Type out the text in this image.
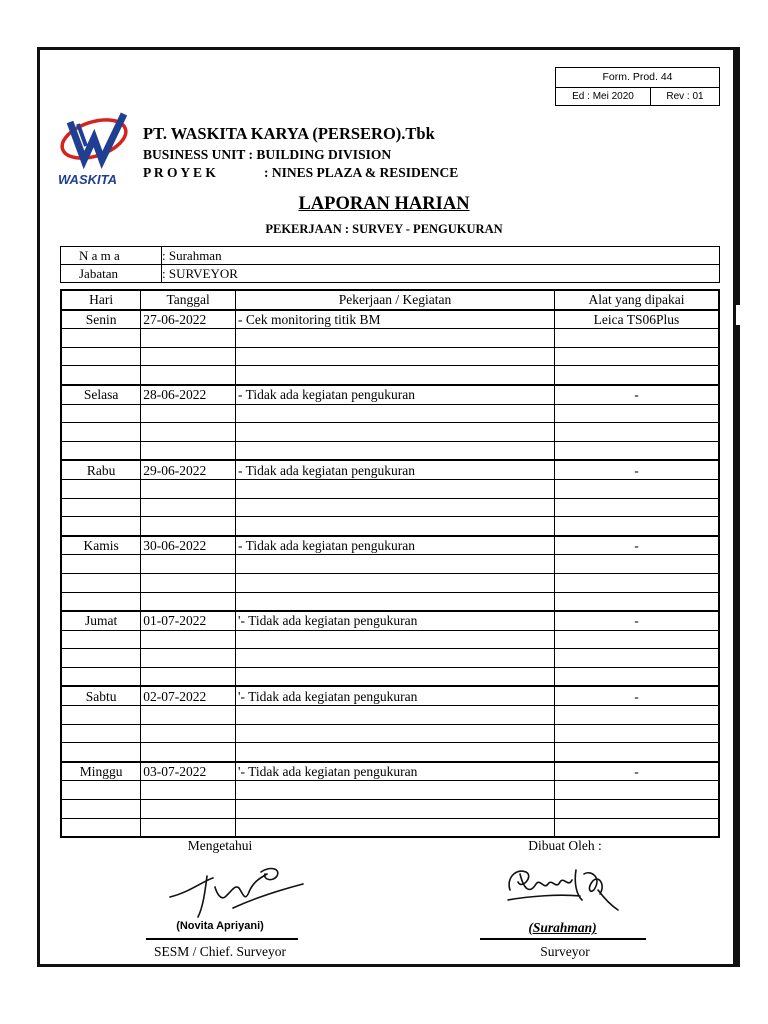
Form. Prod. 44
Ed : Mei 2020	Rev : 01
WASKITA
PT. WASKITA KARYA (PERSERO).Tbk
BUSINESS UNIT : BUILDING DIVISION
P R O Y E K	: NINES PLAZA & RESIDENCE
LAPORAN HARIAN
PEKERJAAN : SURVEY - PENGUKURAN
N a m a	: Surahman
Jabatan	: SURVEYOR
Hari	Tanggal	Pekerjaan / Kegiatan	Alat yang dipakai
Senin	27-06-2022	- Cek monitoring titik BM	Leica TS06Plus

Selasa	28-06-2022	- Tidak ada kegiatan pengukuran	-

Rabu	29-06-2022	- Tidak ada kegiatan pengukuran	-

Kamis	30-06-2022	- Tidak ada kegiatan pengukuran	-

Jumat	01-07-2022	'- Tidak ada kegiatan pengukuran	-

Sabtu	02-07-2022	'- Tidak ada kegiatan pengukuran	-

Minggu	03-07-2022	'- Tidak ada kegiatan pengukuran	-

Mengetahui
(Novita Apriyani)
SESM / Chief. Surveyor
Dibuat Oleh :
(Surahman)
Surveyor
